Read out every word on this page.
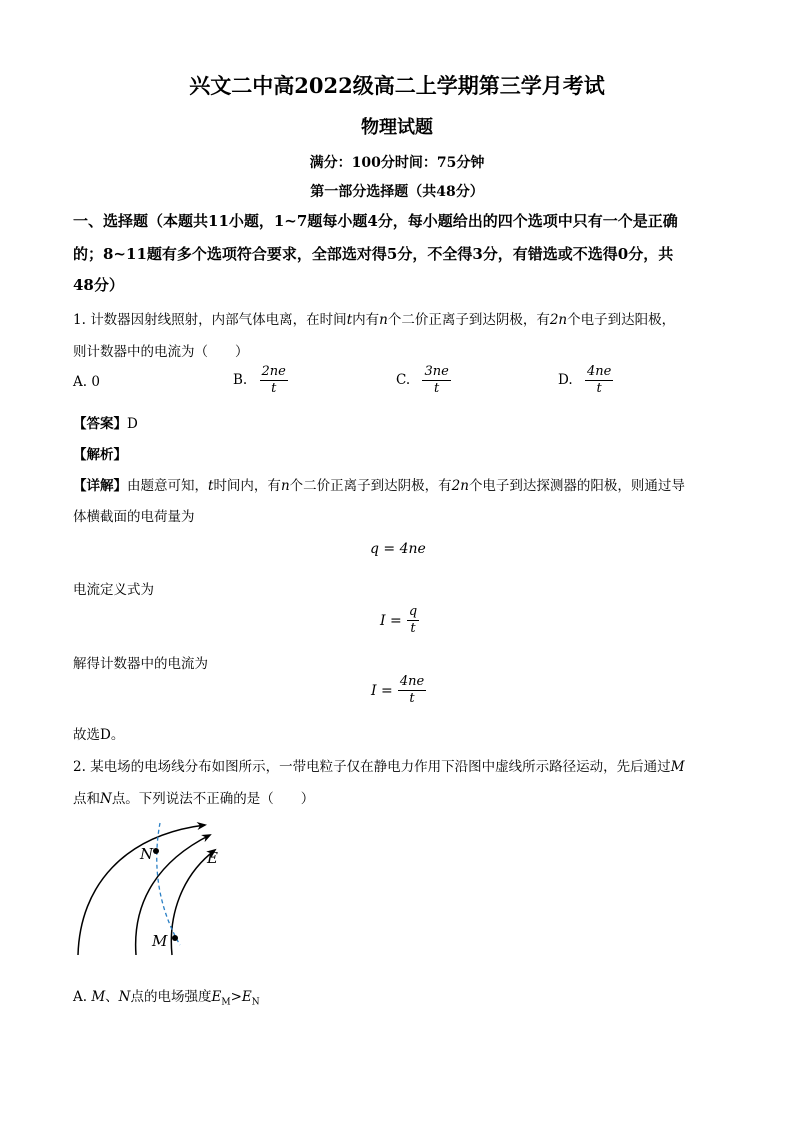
兴文二中高2022级高二上学期第三学月考试
物理试题
满分：100分时间：75分钟
第一部分选择题（共48分）
一、选择题（本题共11小题，1~7题每小题4分，每小题给出的四个选项中只有一个是正确
的；8~11题有多个选项符合要求，全部选对得5分，不全得3分，有错选或不选得0分，共
48分）
1. 计数器因射线照射，内部气体电离，在时间t内有n个二价正离子到达阴极，有2n个电子到达阳极，
则计数器中的电流为（　　）
A. 0	B. $\frac{2ne}{t}$	C. $\frac{3ne}{t}$	D. $\frac{4ne}{t}$
【答案】D
【解析】
【详解】由题意可知，t时间内，有n个二价正离子到达阴极，有2n个电子到达探测器的阳极，则通过导
体横截面的电荷量为
q = 4ne
电流定义式为
$I = \frac{q}{t}$
解得计数器中的电流为
$I = \frac{4ne}{t}$
故选D。
2. 某电场的电场线分布如图所示，一带电粒子仅在静电力作用下沿图中虚线所示路径运动，先后通过M
点和N点。下列说法不正确的是（　　）
N
M
E
A. M、N点的电场强度$E_M>E_N$
